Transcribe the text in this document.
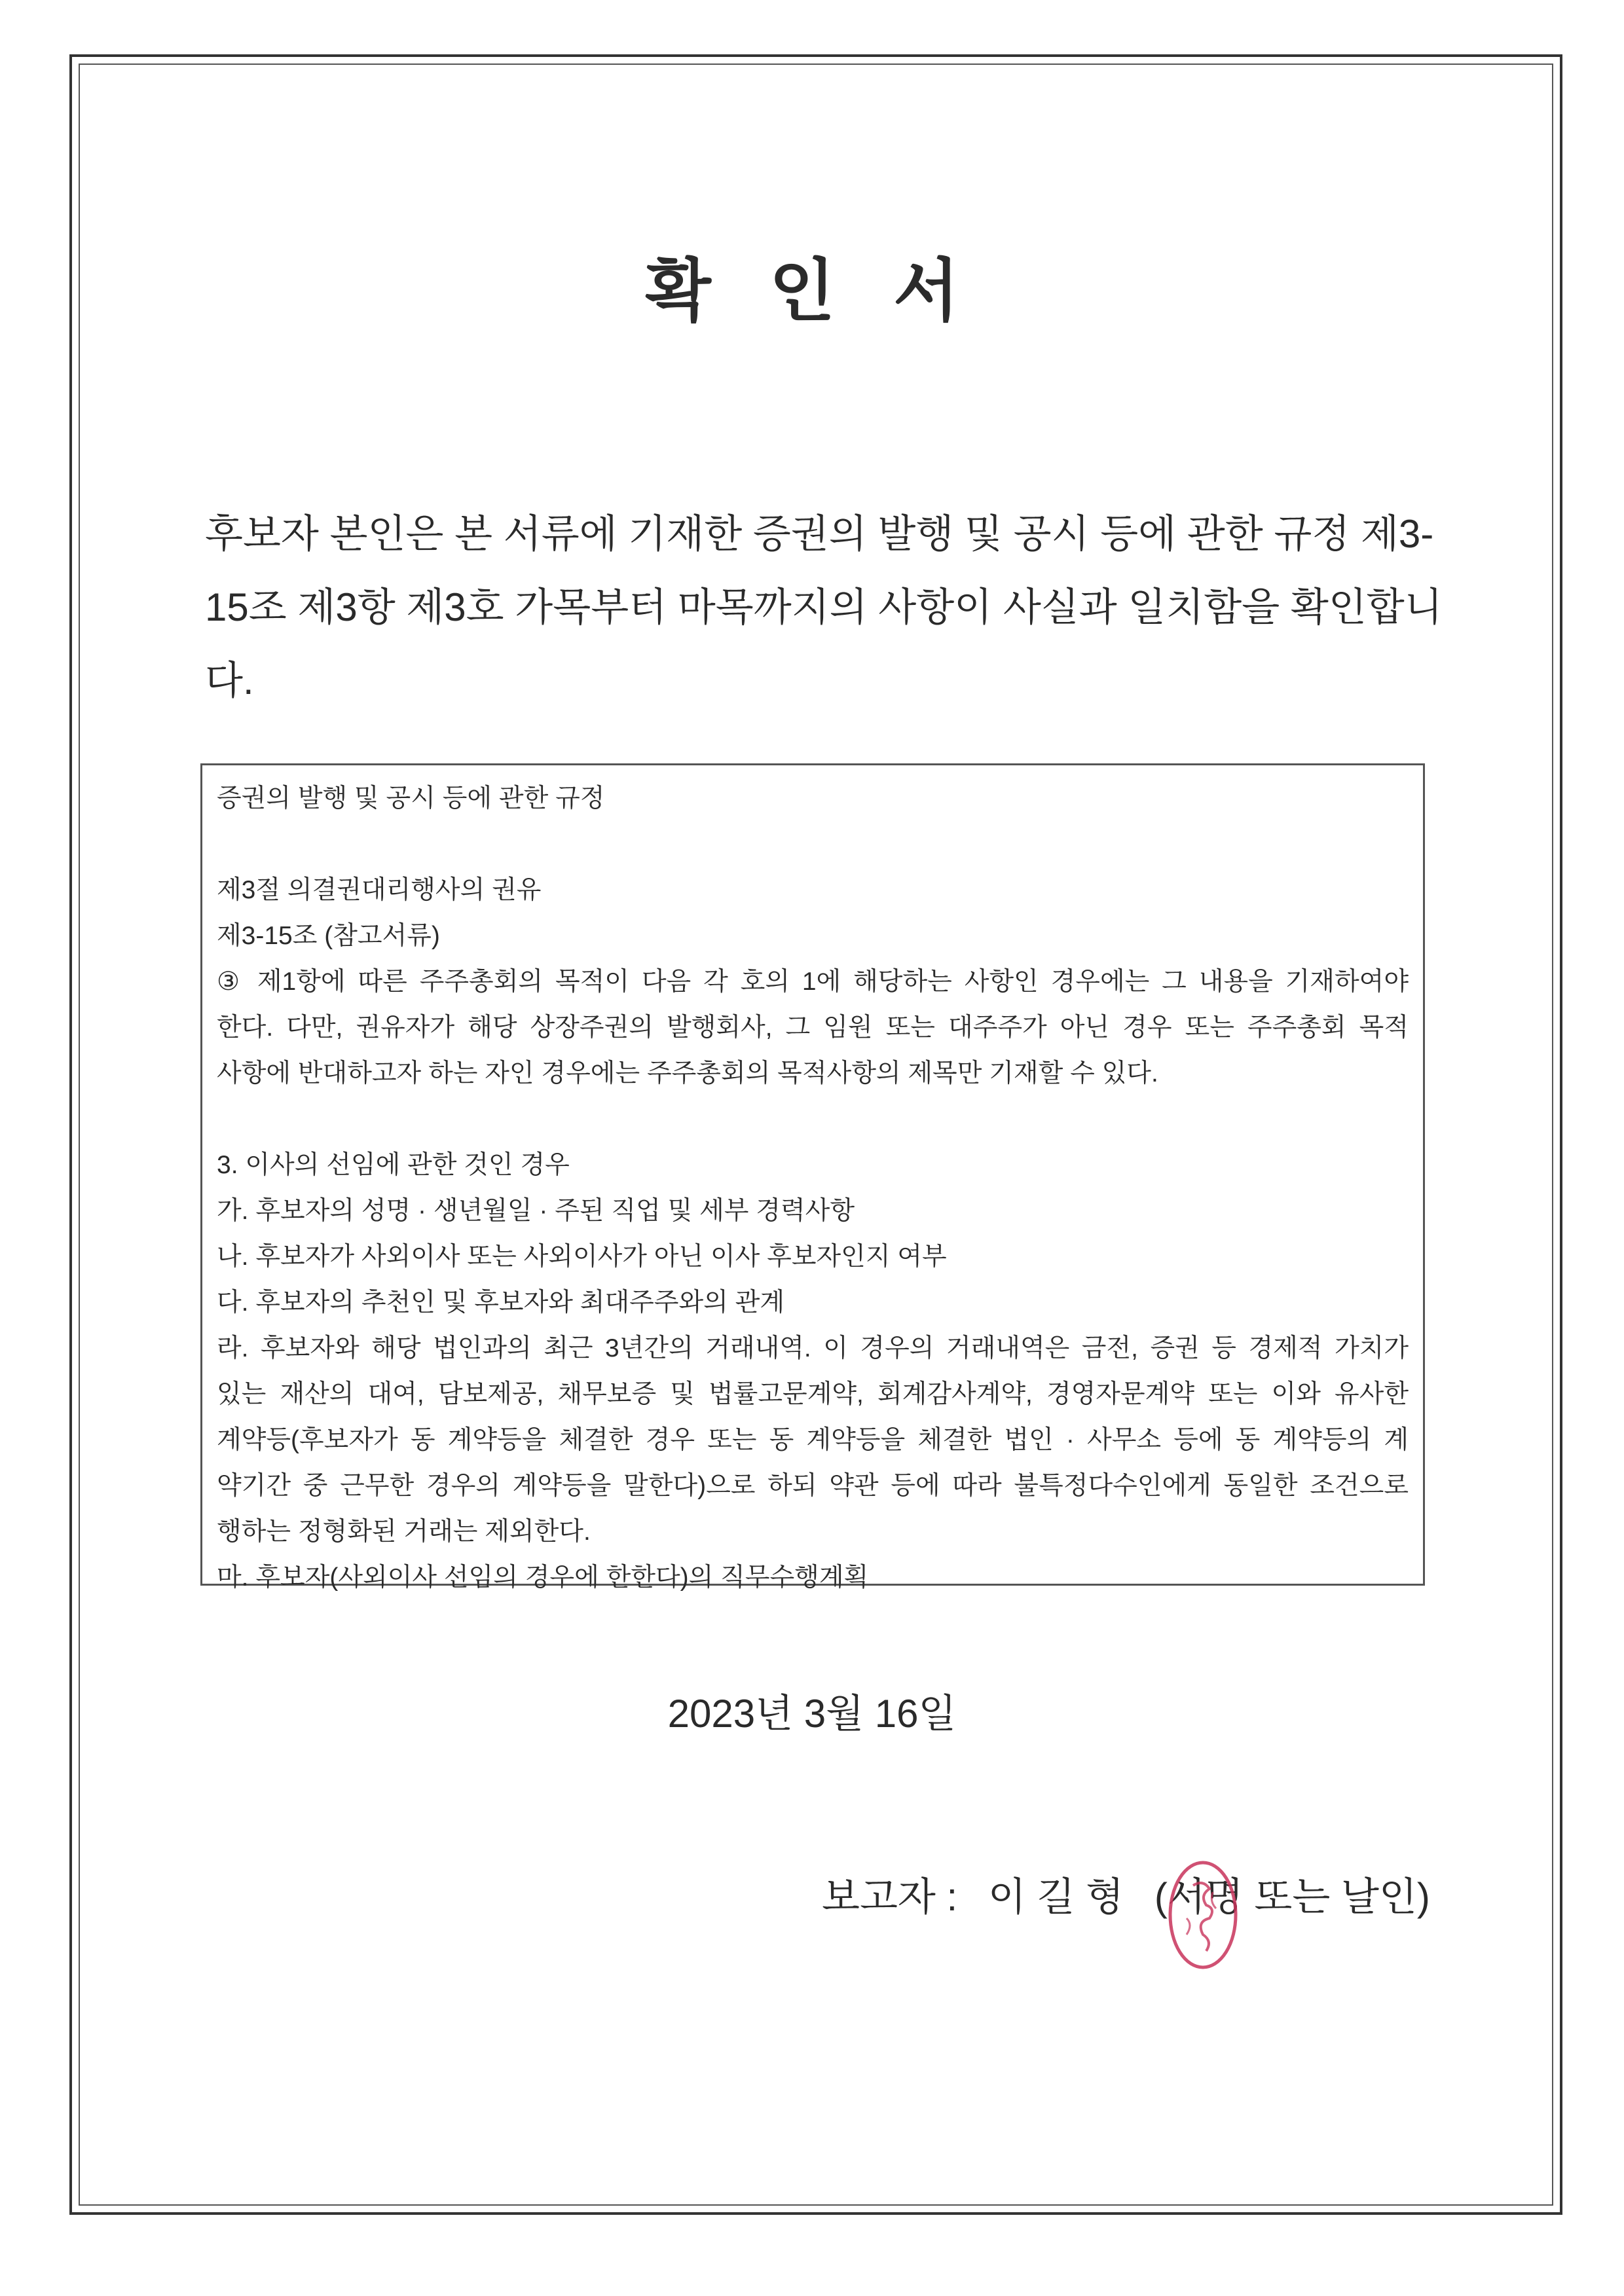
확 인 서
후보자 본인은 본 서류에 기재한 증권의 발행 및 공시 등에 관한 규정 제3-
15조 제3항 제3호 가목부터 마목까지의 사항이 사실과 일치함을 확인합니
다.
증권의 발행 및 공시 등에 관한 규정
제3절 의결권대리행사의 권유
제3-15조 (참고서류)
③ 제1항에 따른 주주총회의 목적이 다음 각 호의 1에 해당하는 사항인 경우에는 그 내용을 기재하여야
한다. 다만, 권유자가 해당 상장주권의 발행회사, 그 임원 또는 대주주가 아닌 경우 또는 주주총회 목적
사항에 반대하고자 하는 자인 경우에는 주주총회의 목적사항의 제목만 기재할 수 있다.
3. 이사의 선임에 관한 것인 경우
가. 후보자의 성명 · 생년월일 · 주된 직업 및 세부 경력사항
나. 후보자가 사외이사 또는 사외이사가 아닌 이사 후보자인지 여부
다. 후보자의 추천인 및 후보자와 최대주주와의 관계
라. 후보자와 해당 법인과의 최근 3년간의 거래내역. 이 경우의 거래내역은 금전, 증권 등 경제적 가치가
있는 재산의 대여, 담보제공, 채무보증 및 법률고문계약, 회계감사계약, 경영자문계약 또는 이와 유사한
계약등(후보자가 동 계약등을 체결한 경우 또는 동 계약등을 체결한 법인 · 사무소 등에 동 계약등의 계
약기간 중 근무한 경우의 계약등을 말한다)으로 하되 약관 등에 따라 불특정다수인에게 동일한 조건으로
행하는 정형화된 거래는 제외한다.
마. 후보자(사외이사 선임의 경우에 한한다)의 직무수행계획
2023년 3월 16일
보고자 : 이 길 형 (서명 또는 날인)
